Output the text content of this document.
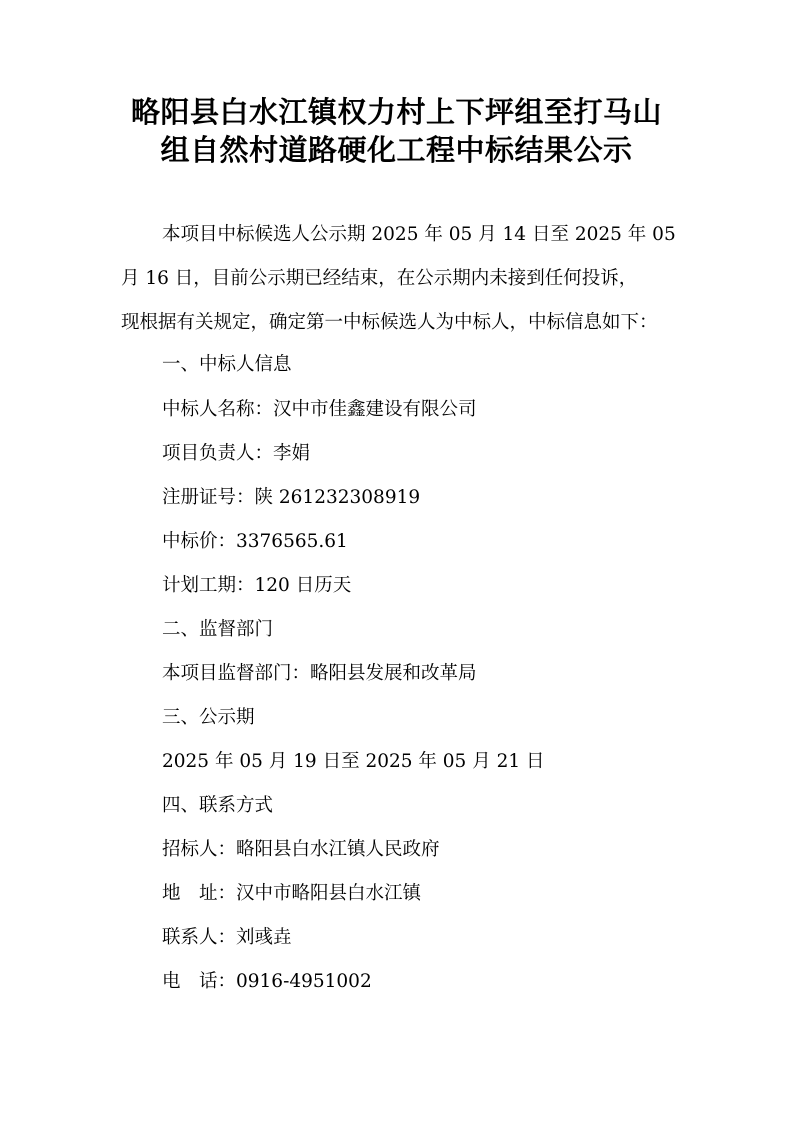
略阳县白水江镇权力村上下坪组至打马山
组自然村道路硬化工程中标结果公示

本项目中标候选人公示期 2025 年 05 月 14 日至 2025 年 05

月 16 日，目前公示期已经结束，在公示期内未接到任何投诉，

现根据有关规定，确定第一中标候选人为中标人，中标信息如下：

一、中标人信息

中标人名称：汉中市佳鑫建设有限公司

项目负责人：李娟

注册证号：陕 261232308919

中标价：3376565.61

计划工期：120 日历天

二、监督部门

本项目监督部门：略阳县发展和改革局

三、公示期

2025 年 05 月 19 日至 2025 年 05 月 21 日

四、联系方式

招标人：略阳县白水江镇人民政府

地　址：汉中市略阳县白水江镇

联系人：刘彧垚

电　话：0916-4951002
